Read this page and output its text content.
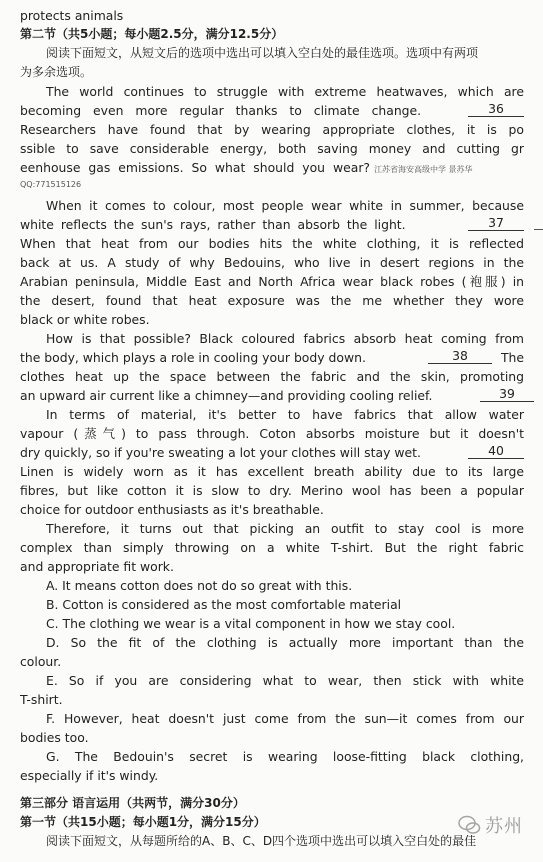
protects animals
第二节（共5小题；每小题2.5分，满分12.5分）
阅读下面短文，从短文后的选项中选出可以填入空白处的最佳选项。选项中有两项
为多余选项。
The world continues to struggle with extreme heatwaves, which are
becoming even more regular thanks to climate change.	36
Researchers have found that by wearing appropriate clothes, it is po
ssible to save considerable energy, both saving money and cutting gr
eenhouse gas emissions. So what should you wear? 江苏省海安高级中学 景苏华
QQ:771515126
When it comes to colour, most people wear white in summer, because
white reflects the sun's rays, rather than absorb the light.	37
When that heat from our bodies hits the white clothing, it is reflected
back at us. A study of why Bedouins, who live in desert regions in the
Arabian peninsula, Middle East and North Africa wear black robes (袍服) in
the desert, found that heat exposure was the me whether they wore
black or white robes.
How is that possible? Black coloured fabrics absorb heat coming from
the body, which plays a role in cooling your body down.	38	The
clothes heat up the space between the fabric and the skin, promoting
an upward air current like a chimney—and providing cooling relief.	39
In terms of material, it's better to have fabrics that allow water
vapour (蒸气) to pass through. Coton absorbs moisture but it doesn't
dry quickly, so if you're sweating a lot your clothes will stay wet.	40
Linen is widely worn as it has excellent breath ability due to its large
fibres, but like cotton it is slow to dry. Merino wool has been a popular
choice for outdoor enthusiasts as it's breathable.
Therefore, it turns out that picking an outfit to stay cool is more
complex than simply throwing on a white T-shirt. But the right fabric
and appropriate fit work.
A. It means cotton does not do so great with this.
B. Cotton is considered as the most comfortable material
C. The clothing we wear is a vital component in how we stay cool.
D. So the fit of the clothing is actually more important than the
colour.
E. So if you are considering what to wear, then stick with white
T-shirt.
F. However, heat doesn't just come from the sun—it comes from our
bodies too.
G. The Bedouin's secret is wearing loose-fitting black clothing,
especially if it's windy.
第三部分 语言运用（共两节，满分30分）
第一节（共15小题；每小题1分，满分15分）
阅读下面短文，从每题所给的A、B、C、D四个选项中选出可以填入空白处的最佳
苏州
